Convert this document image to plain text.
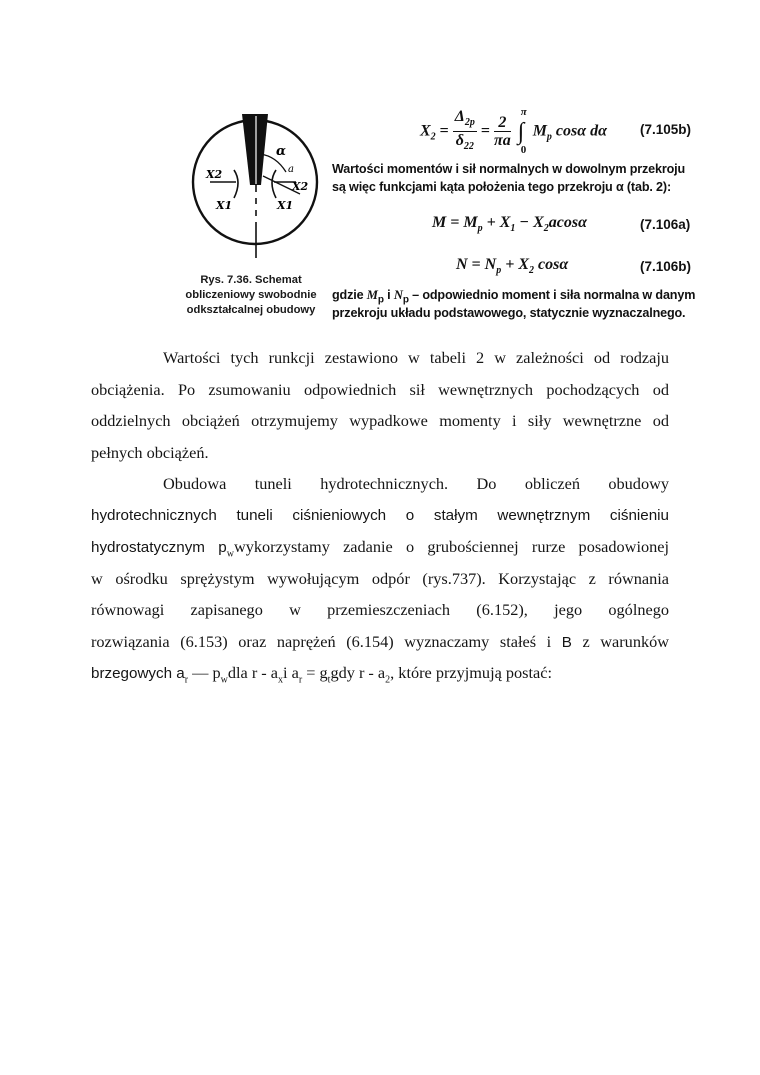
α
a
X2
X1
X2
X1
Rys. 7.36. Schemat
obliczeniowy swobodnie
odkształcalnej obudowy
$X_2 = \frac{\Delta_{2p}}{\delta_{22}} = \frac{2}{\pi a}$
∫
π
0
$M_p$ cosα dα (7.105b)
Wartości momentów i sił normalnych w dowolnym przekroju
są więc funkcjami kąta położenia tego przekroju α (tab. 2):
$M = M_p + X_1 - X_2acos\alpha$	(7.106a)
$N = N_p + X_2$ cosα	(7.106b)
gdzie $M_p$ i $N_p$ – odpowiednio moment i siła normalna w danym
przekroju układu podstawowego, statycznie wyznaczalnego.
Wartości tych runkcji zestawiono w tabeli 2 w zależności od rodzaju
obciążenia. Po zsumowaniu odpowiednich sił wewnętrznych pochodzących od
oddzielnych obciążeń otrzymujemy wypadkowe momenty i siły wewnętrzne od
pełnych obciążeń.
Obudowa tuneli hydrotechnicznych. Do obliczeń obudowy
hydrotechnicznych tuneli ciśnieniowych o stałym wewnętrznym ciśnieniu
hydrostatycznym $p_wwykorzystamy$ zadanie o grubościennej rurze posadowionej
w ośrodku sprężystym wywołującym odpór (rys.737). Korzystając z równania
równowagi zapisanego w przemieszczeniach (6.152), jego ogólnego
rozwiązania (6.153) oraz naprężeń (6.154) wyznaczamy stałeś i B z warunków
brzegowych $a_r$ — $p_wdla$ r - $a_xi$ $a_r = g_tgdy$ r - $a_2$, które przyjmują postać:
